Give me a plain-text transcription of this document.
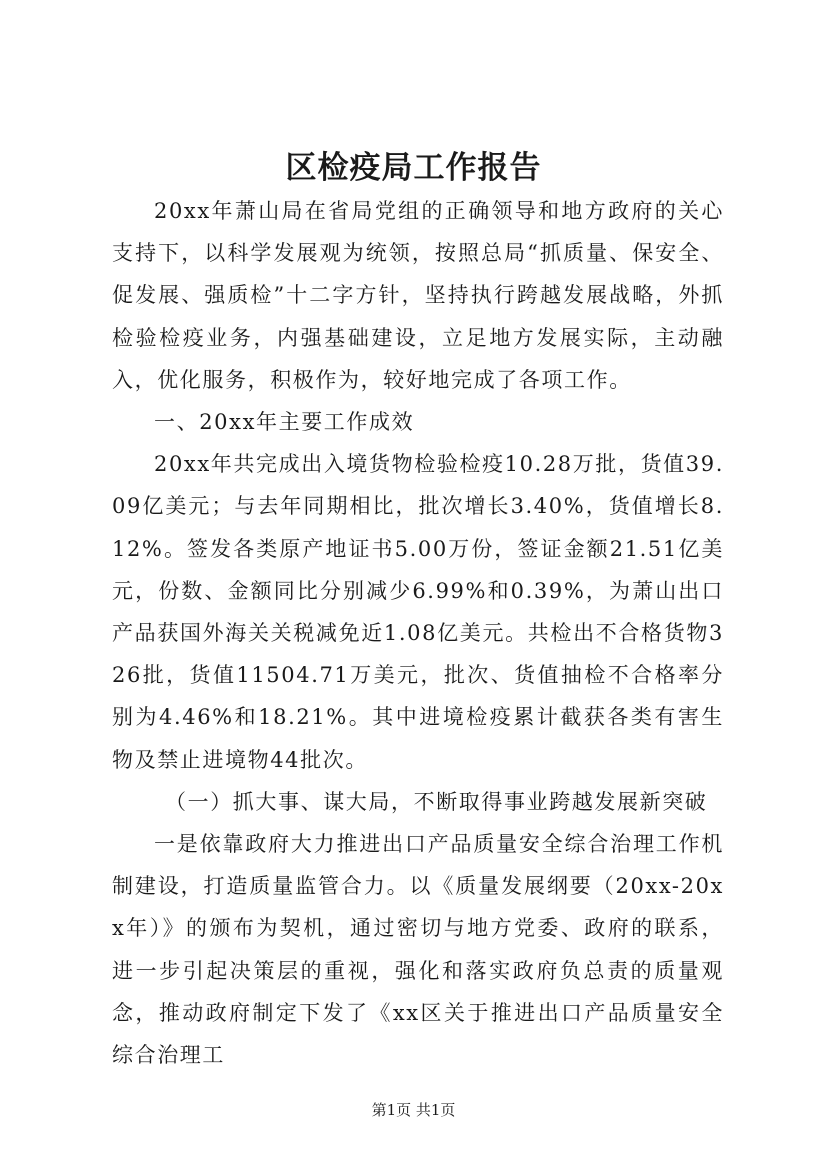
区检疫局工作报告

20xx年萧山局在省局党组的正确领导和地方政府的关心支持下，以科学发展观为统领，按照总局“抓质量、保安全、促发展、强质检”十二字方针，坚持执行跨越发展战略，外抓检验检疫业务，内强基础建设，立足地方发展实际，主动融入，优化服务，积极作为，较好地完成了各项工作。

一、20xx年主要工作成效

20xx年共完成出入境货物检验检疫10.28万批，货值39.09亿美元；与去年同期相比，批次增长3.40%，货值增长8.12%。签发各类原产地证书5.00万份，签证金额21.51亿美元，份数、金额同比分别减少6.99%和0.39%，为萧山出口产品获国外海关关税减免近1.08亿美元。共检出不合格货物326批，货值11504.71万美元，批次、货值抽检不合格率分别为4.46%和18.21%。其中进境检疫累计截获各类有害生物及禁止进境物44批次。

（一）抓大事、谋大局，不断取得事业跨越发展新突破

一是依靠政府大力推进出口产品质量安全综合治理工作机制建设，打造质量监管合力。以《质量发展纲要（20xx-20xx年）》的颁布为契机，通过密切与地方党委、政府的联系，进一步引起决策层的重视，强化和落实政府负总责的质量观念，推动政府制定下发了《xx区关于推进出口产品质量安全综合治理工

第1页 共1页
